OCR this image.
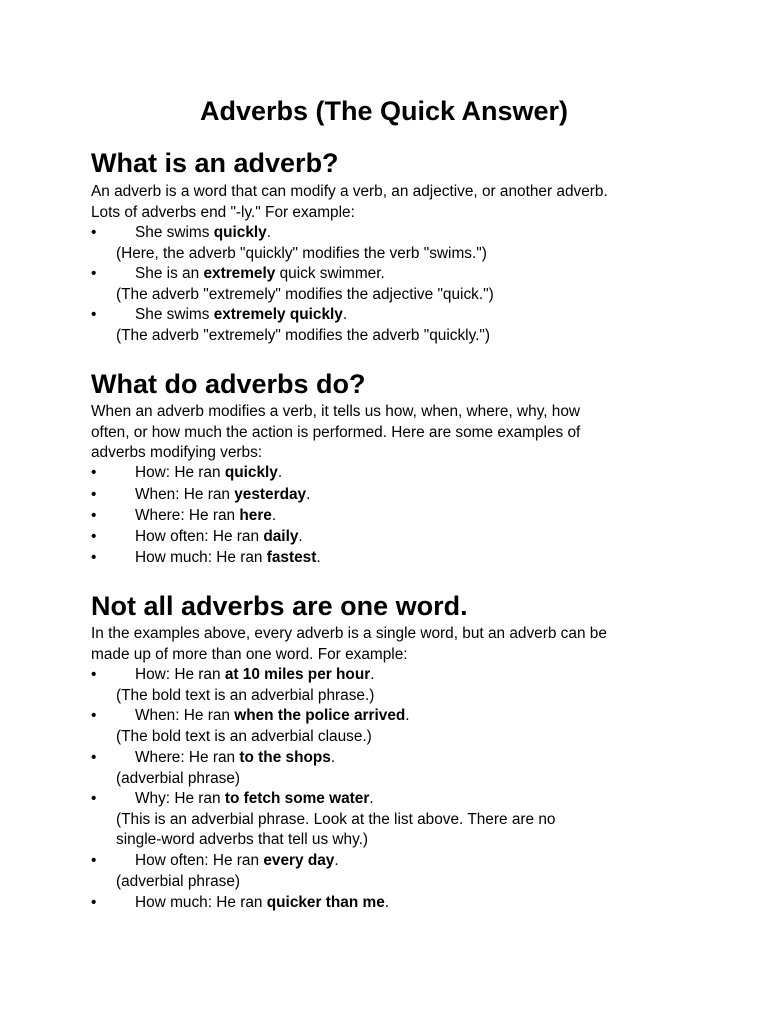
Adverbs (The Quick Answer)
What is an adverb?
An adverb is a word that can modify a verb, an adjective, or another adverb.
Lots of adverbs end "-ly." For example:
•	She swims quickly.
(Here, the adverb "quickly" modifies the verb "swims.")
•	She is an extremely quick swimmer.
(The adverb "extremely" modifies the adjective "quick.")
•	She swims extremely quickly.
(The adverb "extremely" modifies the adverb "quickly.")
What do adverbs do?
When an adverb modifies a verb, it tells us how, when, where, why, how
often, or how much the action is performed. Here are some examples of
adverbs modifying verbs:
•	How: He ran quickly.
•	When: He ran yesterday.
•	Where: He ran here.
•	How often: He ran daily.
•	How much: He ran fastest.
Not all adverbs are one word.
In the examples above, every adverb is a single word, but an adverb can be
made up of more than one word. For example:
•	How: He ran at 10 miles per hour.
(The bold text is an adverbial phrase.)
•	When: He ran when the police arrived.
(The bold text is an adverbial clause.)
•	Where: He ran to the shops.
(adverbial phrase)
•	Why: He ran to fetch some water.
(This is an adverbial phrase. Look at the list above. There are no
single-word adverbs that tell us why.)
•	How often: He ran every day.
(adverbial phrase)
•	How much: He ran quicker than me.
